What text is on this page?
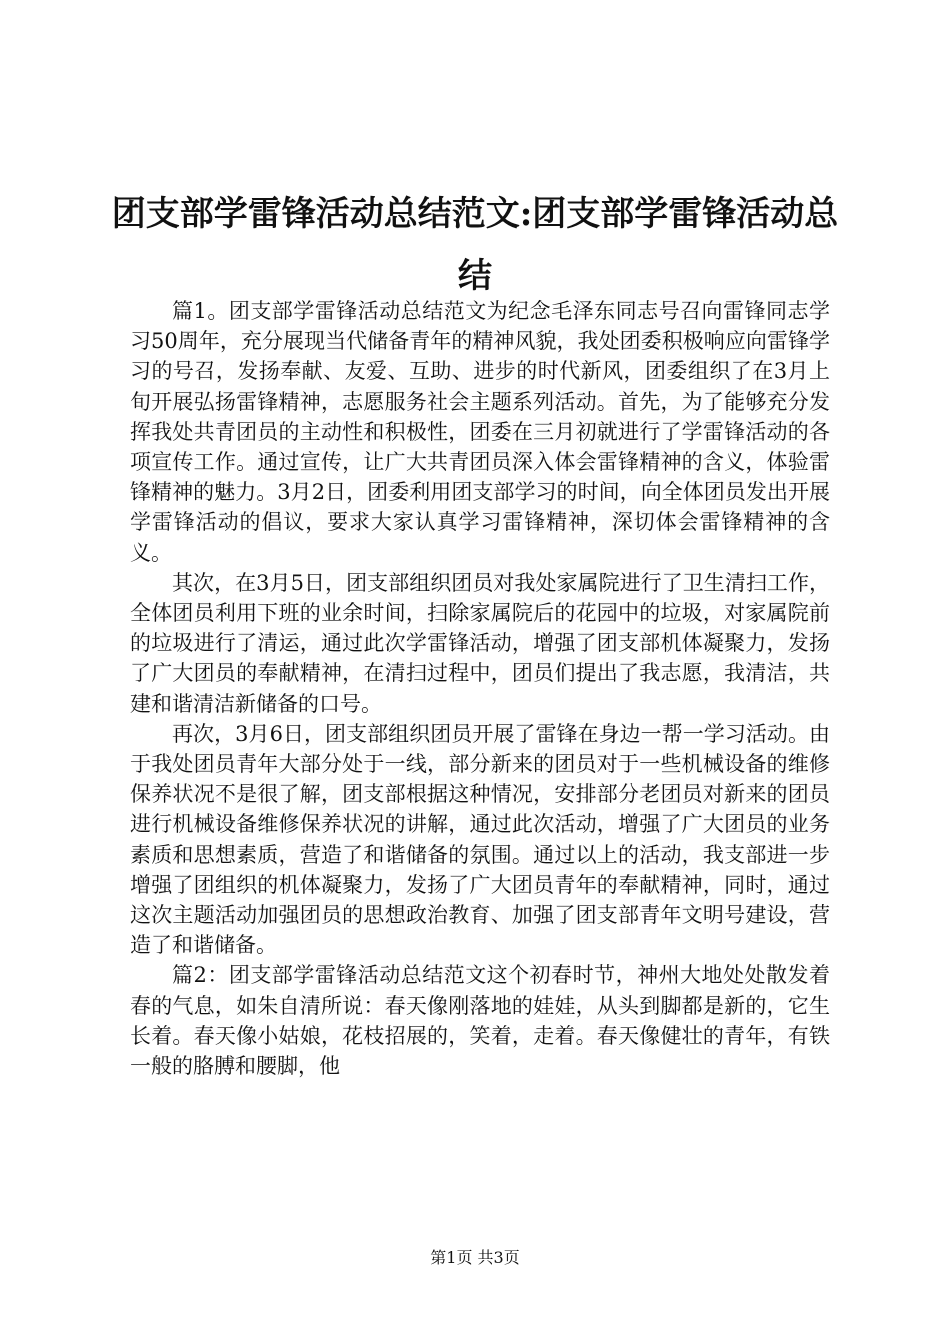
团支部学雷锋活动总结范文:团支部学雷锋活动总结

篇1。团支部学雷锋活动总结范文为纪念毛泽东同志号召向雷锋同志学习50周年，充分展现当代储备青年的精神风貌，我处团委积极响应向雷锋学习的号召，发扬奉献、友爱、互助、进步的时代新风，团委组织了在3月上旬开展弘扬雷锋精神，志愿服务社会主题系列活动。首先，为了能够充分发挥我处共青团员的主动性和积极性，团委在三月初就进行了学雷锋活动的各项宣传工作。通过宣传，让广大共青团员深入体会雷锋精神的含义，体验雷锋精神的魅力。3月2日，团委利用团支部学习的时间，向全体团员发出开展学雷锋活动的倡议，要求大家认真学习雷锋精神，深切体会雷锋精神的含义。

其次，在3月5日，团支部组织团员对我处家属院进行了卫生清扫工作，全体团员利用下班的业余时间，扫除家属院后的花园中的垃圾，对家属院前的垃圾进行了清运，通过此次学雷锋活动，增强了团支部机体凝聚力，发扬了广大团员的奉献精神，在清扫过程中，团员们提出了我志愿，我清洁，共建和谐清洁新储备的口号。

再次，3月6日，团支部组织团员开展了雷锋在身边一帮一学习活动。由于我处团员青年大部分处于一线，部分新来的团员对于一些机械设备的维修保养状况不是很了解，团支部根据这种情况，安排部分老团员对新来的团员进行机械设备维修保养状况的讲解，通过此次活动，增强了广大团员的业务素质和思想素质，营造了和谐储备的氛围。通过以上的活动，我支部进一步增强了团组织的机体凝聚力，发扬了广大团员青年的奉献精神，同时，通过这次主题活动加强团员的思想政治教育、加强了团支部青年文明号建设，营造了和谐储备。

篇2：团支部学雷锋活动总结范文这个初春时节，神州大地处处散发着春的气息，如朱自清所说：春天像刚落地的娃娃，从头到脚都是新的，它生长着。春天像小姑娘，花枝招展的，笑着，走着。春天像健壮的青年，有铁一般的胳膊和腰脚，他

第1页 共3页
